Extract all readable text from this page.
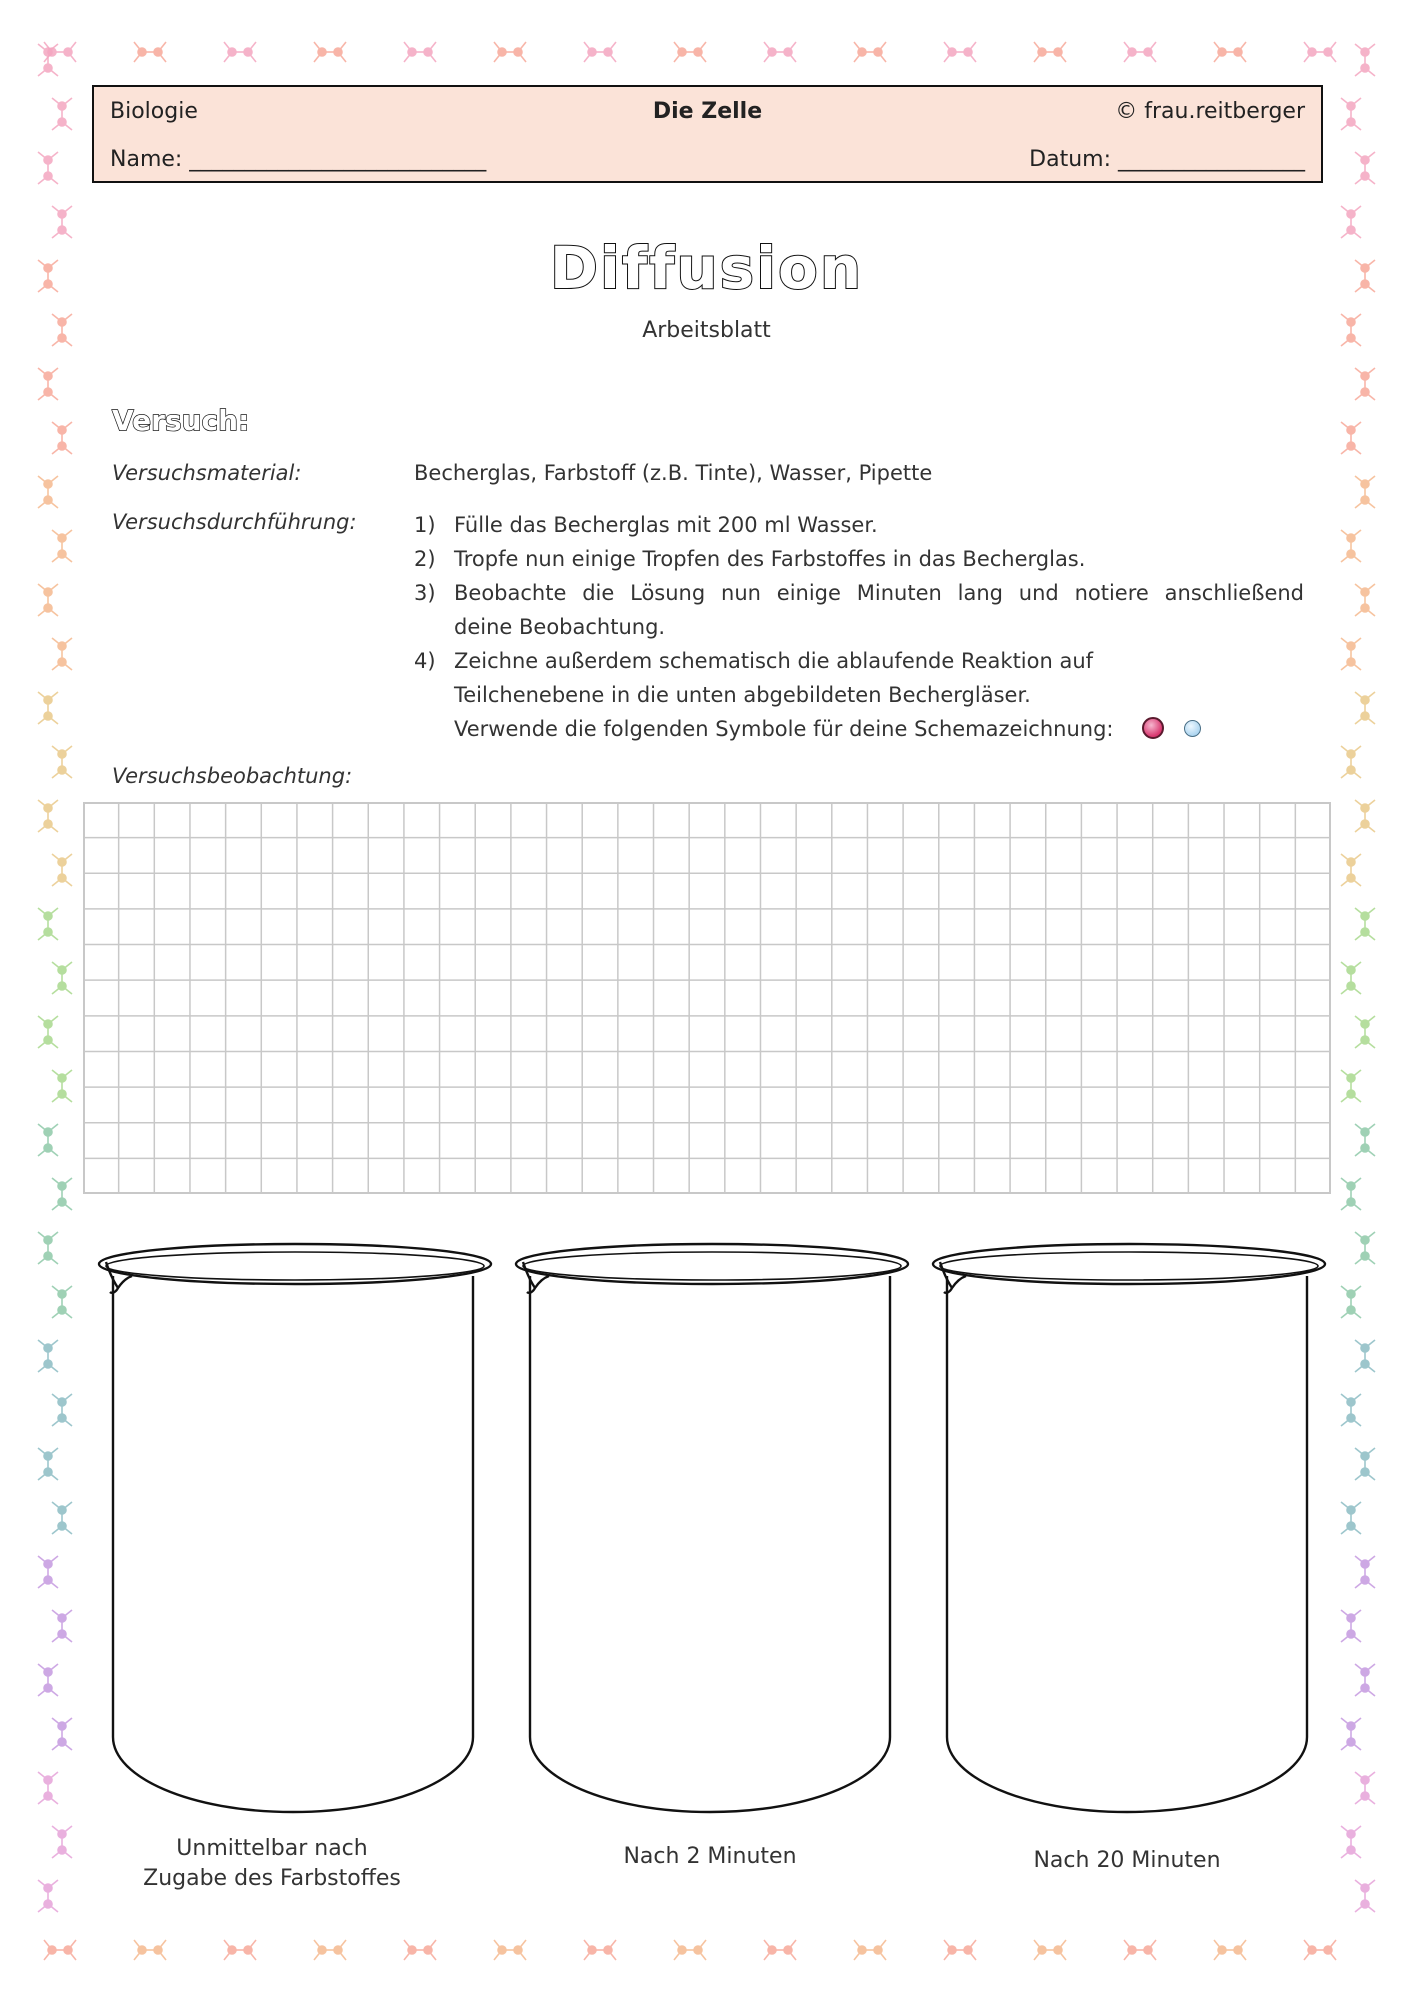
Biologie	Die Zelle	© frau.reitberger
Name: ___________________________	Datum: _________________
Diffusion
Arbeitsblatt
Versuch:
Versuchsmaterial:	Becherglas, Farbstoff (z.B. Tinte), Wasser, Pipette
Versuchsdurchführung:	1) Fülle das Becherglas mit 200 ml Wasser.
2) Tropfe nun einige Tropfen des Farbstoffes in das Becherglas.
3) Beobachte die Lösung nun einige Minuten lang und notiere anschließend
deine Beobachtung.
4) Zeichne außerdem schematisch die ablaufende Reaktion auf
Teilchenebene in die unten abgebildeten Bechergläser.
Verwende die folgenden Symbole für deine Schemazeichnung:
Versuchsbeobachtung:
Unmittelbar nach
Zugabe des Farbstoffes
Nach 2 Minuten	Nach 20 Minuten
